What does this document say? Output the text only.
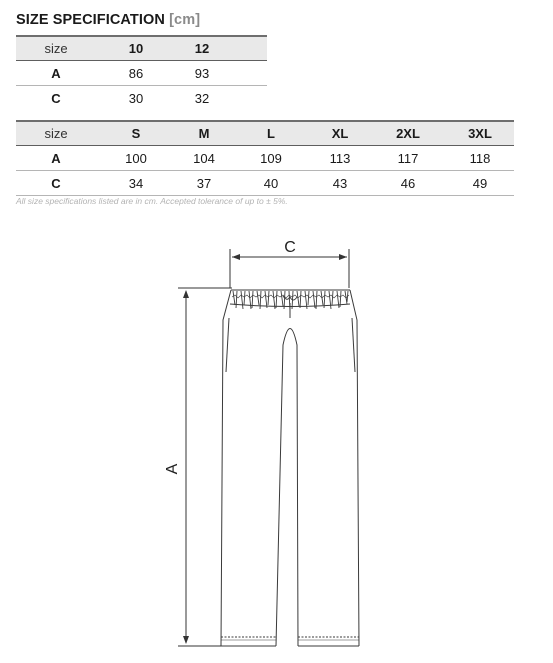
SIZE SPECIFICATION [cm]
size	10	12	
A	86	93	
C	30	32	
size	S	M	L	XL	2XL	3XL
A	100	104	109	113	117	118
C	34	37	40	43	46	49
All size specifications listed are in cm. Accepted tolerance of up to ± 5%.
C
A
